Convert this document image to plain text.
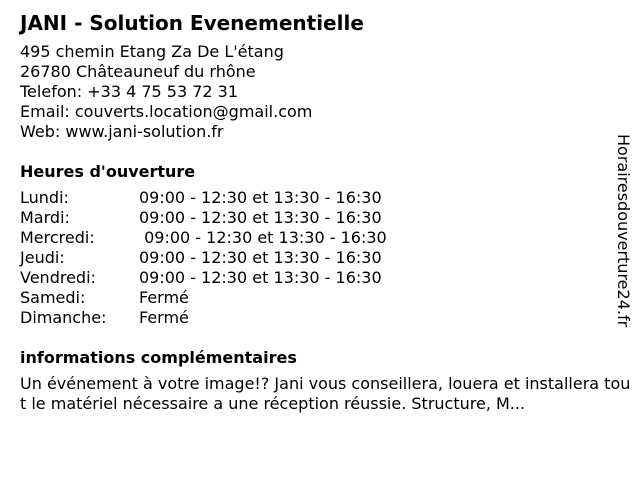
JANI - Solution Evenementielle
495 chemin Etang Za De L'étang
26780 Châteauneuf du rhône
Telefon: +33 4 75 53 72 31
Email: couverts.location@gmail.com
Web: www.jani-solution.fr
Heures d'ouverture
Lundi:	09:00 - 12:30 et 13:30 - 16:30
Mardi:	09:00 - 12:30 et 13:30 - 16:30
Mercredi:	09:00 - 12:30 et 13:30 - 16:30
Jeudi:	09:00 - 12:30 et 13:30 - 16:30
Vendredi:	09:00 - 12:30 et 13:30 - 16:30
Samedi:	Fermé
Dimanche:	Fermé
informations complémentaires
Un événement à votre image!? Jani vous conseillera, louera et installera tout le matériel nécessaire a une réception réussie. Structure, M...
Horairesdouverture24.fr
